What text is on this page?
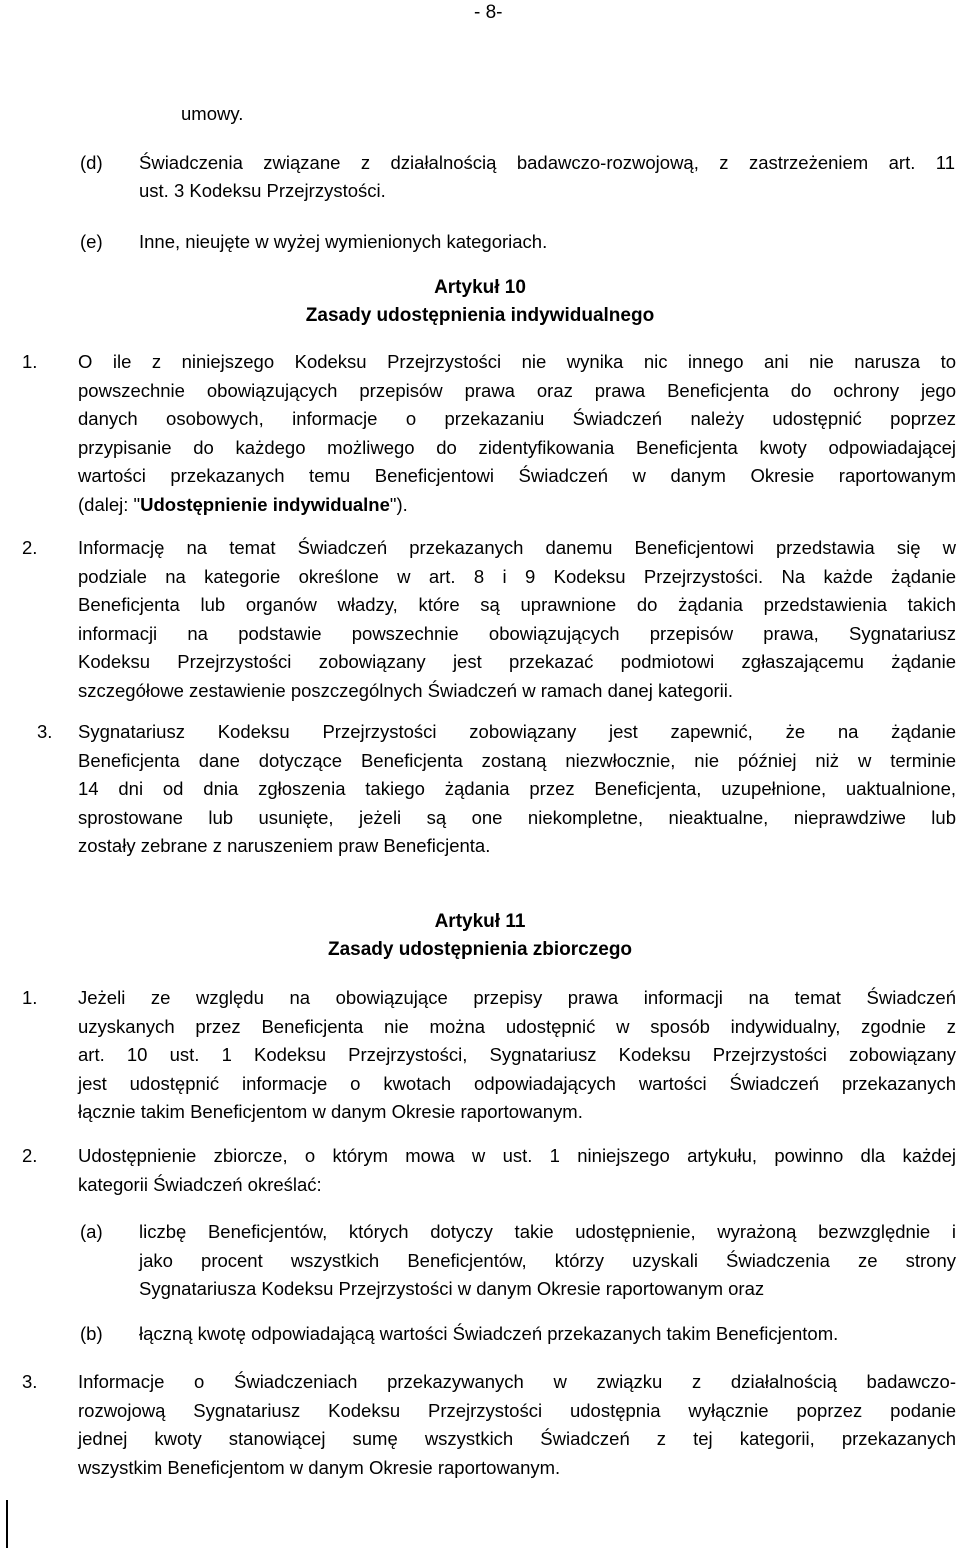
- 8-
umowy.
(d) Świadczenia związane z działalnością badawczo-rozwojową, z zastrzeżeniem art. 11
ust. 3 Kodeksu Przejrzystości.
(e) Inne, nieujęte w wyżej wymienionych kategoriach.
Artykuł 10
Zasady udostępnienia indywidualnego
1. O ile z niniejszego Kodeksu Przejrzystości nie wynika nic innego ani nie narusza to
powszechnie obowiązujących przepisów prawa oraz prawa Beneficjenta do ochrony jego
danych osobowych, informacje o przekazaniu Świadczeń należy udostępnić poprzez
przypisanie do każdego możliwego do zidentyfikowania Beneficjenta kwoty odpowiadającej
wartości przekazanych temu Beneficjentowi Świadczeń w danym Okresie raportowanym
(dalej: "Udostępnienie indywidualne").
2. Informację na temat Świadczeń przekazanych danemu Beneficjentowi przedstawia się w
podziale na kategorie określone w art. 8 i 9 Kodeksu Przejrzystości. Na każde żądanie
Beneficjenta lub organów władzy, które są uprawnione do żądania przedstawienia takich
informacji na podstawie powszechnie obowiązujących przepisów prawa, Sygnatariusz
Kodeksu Przejrzystości zobowiązany jest przekazać podmiotowi zgłaszającemu żądanie
szczegółowe zestawienie poszczególnych Świadczeń w ramach danej kategorii.
3. Sygnatariusz Kodeksu Przejrzystości zobowiązany jest zapewnić, że na żądanie
Beneficjenta dane dotyczące Beneficjenta zostaną niezwłocznie, nie później niż w terminie
14 dni od dnia zgłoszenia takiego żądania przez Beneficjenta, uzupełnione, uaktualnione,
sprostowane lub usunięte, jeżeli są one niekompletne, nieaktualne, nieprawdziwe lub
zostały zebrane z naruszeniem praw Beneficjenta.
Artykuł 11
Zasady udostępnienia zbiorczego
1. Jeżeli ze względu na obowiązujące przepisy prawa informacji na temat Świadczeń
uzyskanych przez Beneficjenta nie można udostępnić w sposób indywidualny, zgodnie z
art. 10 ust. 1 Kodeksu Przejrzystości, Sygnatariusz Kodeksu Przejrzystości zobowiązany
jest udostępnić informacje o kwotach odpowiadających wartości Świadczeń przekazanych
łącznie takim Beneficjentom w danym Okresie raportowanym.
2. Udostępnienie zbiorcze, o którym mowa w ust. 1 niniejszego artykułu, powinno dla każdej
kategorii Świadczeń określać:
(a) liczbę Beneficjentów, których dotyczy takie udostępnienie, wyrażoną bezwzględnie i
jako procent wszystkich Beneficjentów, którzy uzyskali Świadczenia ze strony
Sygnatariusza Kodeksu Przejrzystości w danym Okresie raportowanym oraz
(b) łączną kwotę odpowiadającą wartości Świadczeń przekazanych takim Beneficjentom.
3. Informacje o Świadczeniach przekazywanych w związku z działalnością badawczo-
rozwojową Sygnatariusz Kodeksu Przejrzystości udostępnia wyłącznie poprzez podanie
jednej kwoty stanowiącej sumę wszystkich Świadczeń z tej kategorii, przekazanych
wszystkim Beneficjentom w danym Okresie raportowanym.
